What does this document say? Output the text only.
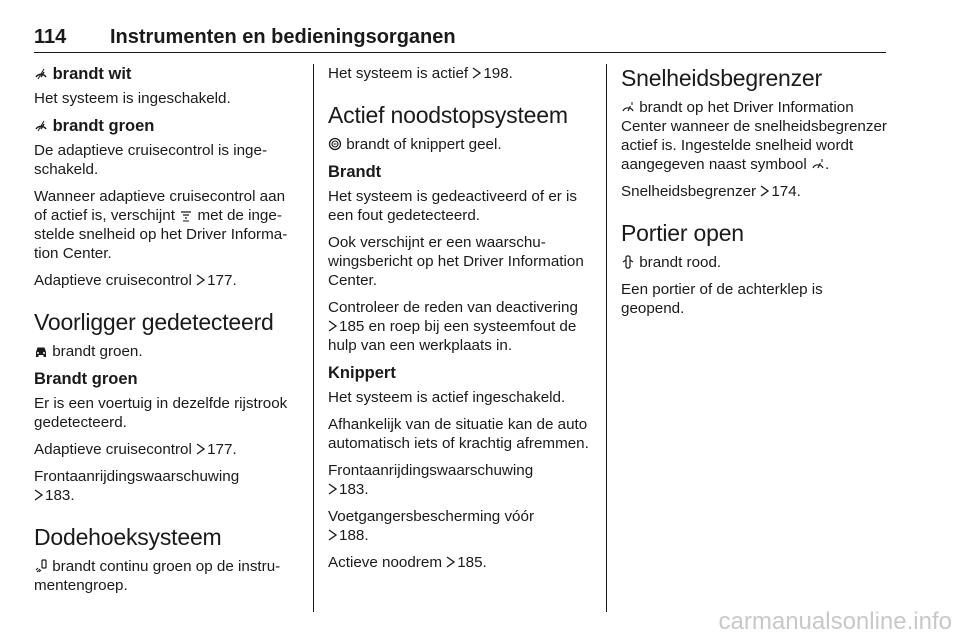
114 Instrumenten en bedieningsorganen
brandt wit

Het systeem is ingeschakeld.

brandt groen

De adaptieve cruisecontrol is ingeschakeld.

Wanneer adaptieve cruisecontrol aan of actief is, verschijnt met de ingestelde snelheid op het Driver Information Center.

Adaptieve cruisecontrol 177.

Voorligger gedetecteerd

brandt groen.

Brandt groen

Er is een voertuig in dezelfde rijstrook gedetecteerd.

Adaptieve cruisecontrol 177.

Frontaanrijdingswaarschuwing
183.

Dodehoeksysteem

brandt continu groen op de instrumentengroep.

Het systeem is actief 198.

Actief noodstopsysteem

brandt of knippert geel.

Brandt

Het systeem is gedeactiveerd of er is een fout gedetecteerd.

Ook verschijnt er een waarschuwingsbericht op het Driver Information Center.

Controleer de reden van deactivering
185 en roep bij een systeemfout de hulp van een werkplaats in.

Knippert

Het systeem is actief ingeschakeld.

Afhankelijk van de situatie kan de auto automatisch iets of krachtig afremmen.

Frontaanrijdingswaarschuwing
183.

Voetgangersbescherming vóór
188.

Actieve noodrem 185.

Snelheidsbegrenzer

brandt op het Driver Information Center wanneer de snelheidsbegrenzer actief is. Ingestelde snelheid wordt aangegeven naast symbool .

Snelheidsbegrenzer 174.

Portier open

brandt rood.

Een portier of de achterklep is geopend.

carmanualsonline.info
